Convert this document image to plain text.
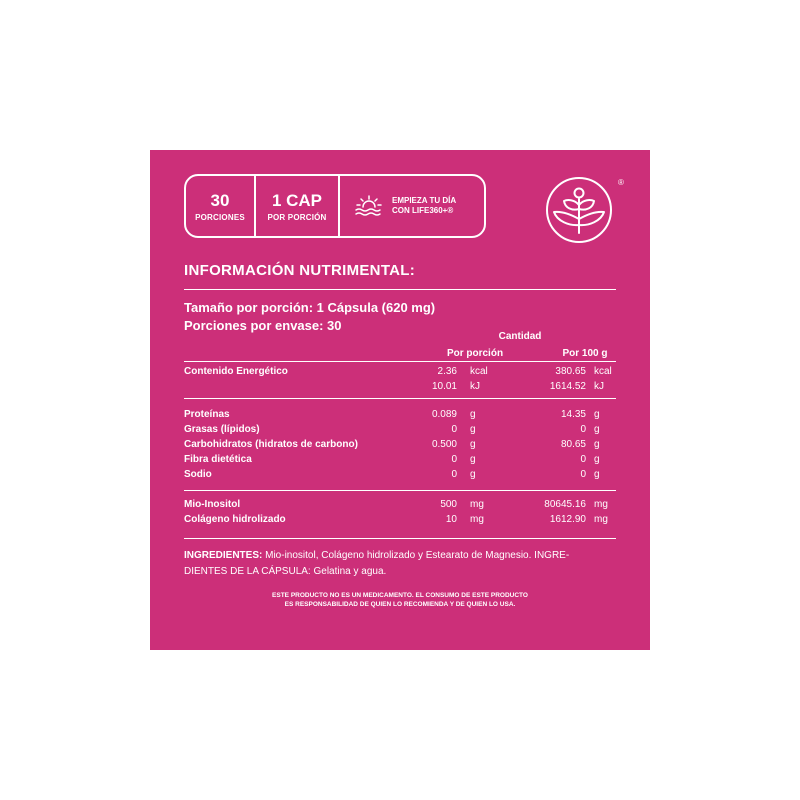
30
PORCIONES
1 CAP
POR PORCIÓN
EMPIEZA TU DÍA
CON LIFE360+®
®
INFORMACIÓN NUTRIMENTAL:
Tamaño por porción: 1 Cápsula (620 mg)
Porciones por envase: 30
Cantidad
Por porción	Por 100 g
Contenido Energético	2.36 kcal	380.65 kcal
10.01 kJ	1614.52 kJ
Proteínas	0.089 g	14.35 g
Grasas (lípidos)	0 g	0 g
Carbohidratos (hidratos de carbono)	0.500 g	80.65 g
Fibra dietética	0 g	0 g
Sodio	0 g	0 g
Mio-Inositol	500 mg	80645.16 mg
Colágeno hidrolizado	10 mg	1612.90 mg
INGREDIENTES: Mio-inositol, Colágeno hidrolizado y Estearato de Magnesio. INGRE-
DIENTES DE LA CÁPSULA: Gelatina y agua.
ESTE PRODUCTO NO ES UN MEDICAMENTO. EL CONSUMO DE ESTE PRODUCTO
ES RESPONSABILIDAD DE QUIEN LO RECOMIENDA Y DE QUIEN LO USA.
